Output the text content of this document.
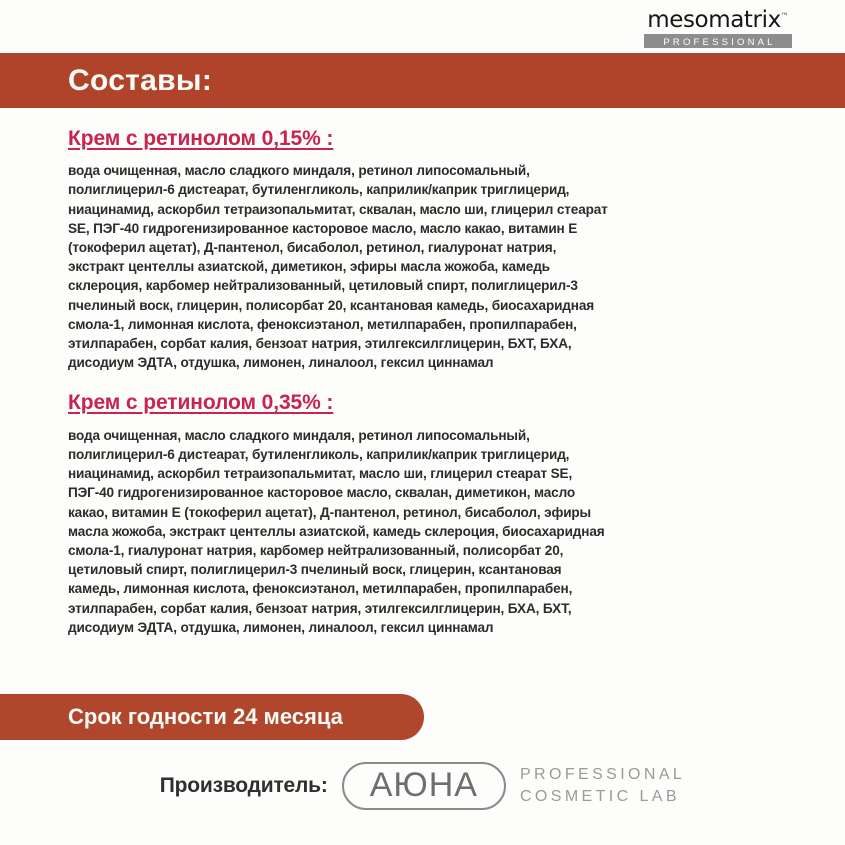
mesomatrix™
PROFESSIONAL
Составы:
Крем с ретинолом 0,15% :

вода очищенная, масло сладкого миндаля, ретинол липосомальный, полиглицерил-6 дистеарат, бутиленгликоль, каприлик/каприк триглицерид, ниацинамид, аскорбил тетраизопальмитат, сквалан, масло ши, глицерил стеарат SE, ПЭГ-40 гидрогенизированное касторовое масло, масло какао, витамин Е (токоферил ацетат), Д-пантенол, бисаболол, ретинол, гиалуронат натрия, экстракт центеллы азиатской, диметикон, эфиры масла жожоба, камедь склероция, карбомер нейтрализованный, цетиловый спирт, полиглицерил-3 пчелиный воск, глицерин, полисорбат 20, ксантановая камедь, биосахаридная смола-1, лимонная кислота, феноксиэтанол, метилпарабен, пропилпарабен, этилпарабен, сорбат калия, бензоат натрия, этилгексилглицерин, БХТ, БХА, дисодиум ЭДТА, отдушка, лимонен, линалоол, гексил циннамал

Крем с ретинолом 0,35% :

вода очищенная, масло сладкого миндаля, ретинол липосомальный, полиглицерил-6 дистеарат, бутиленгликоль, каприлик/каприк триглицерид, ниацинамид, аскорбил тетраизопальмитат, масло ши, глицерил стеарат SE, ПЭГ-40 гидрогенизированное касторовое масло, сквалан, диметикон, масло какао, витамин Е (токоферил ацетат), Д-пантенол, ретинол, бисаболол, эфиры масла жожоба, экстракт центеллы азиатской, камедь склероция, биосахаридная смола-1, гиалуронат натрия, карбомер нейтрализованный, полисорбат 20, цетиловый спирт, полиглицерил-3 пчелиный воск, глицерин, ксантановая камедь, лимонная кислота, феноксиэтанол, метилпарабен, пропилпарабен, этилпарабен, сорбат калия, бензоат натрия, этилгексилглицерин, БХА, БХТ, дисодиум ЭДТА, отдушка, лимонен, линалоол, гексил циннамал

Срок годности 24 месяца
Производитель:	АЮНА	PROFESSIONAL
COSMETIC LAB
